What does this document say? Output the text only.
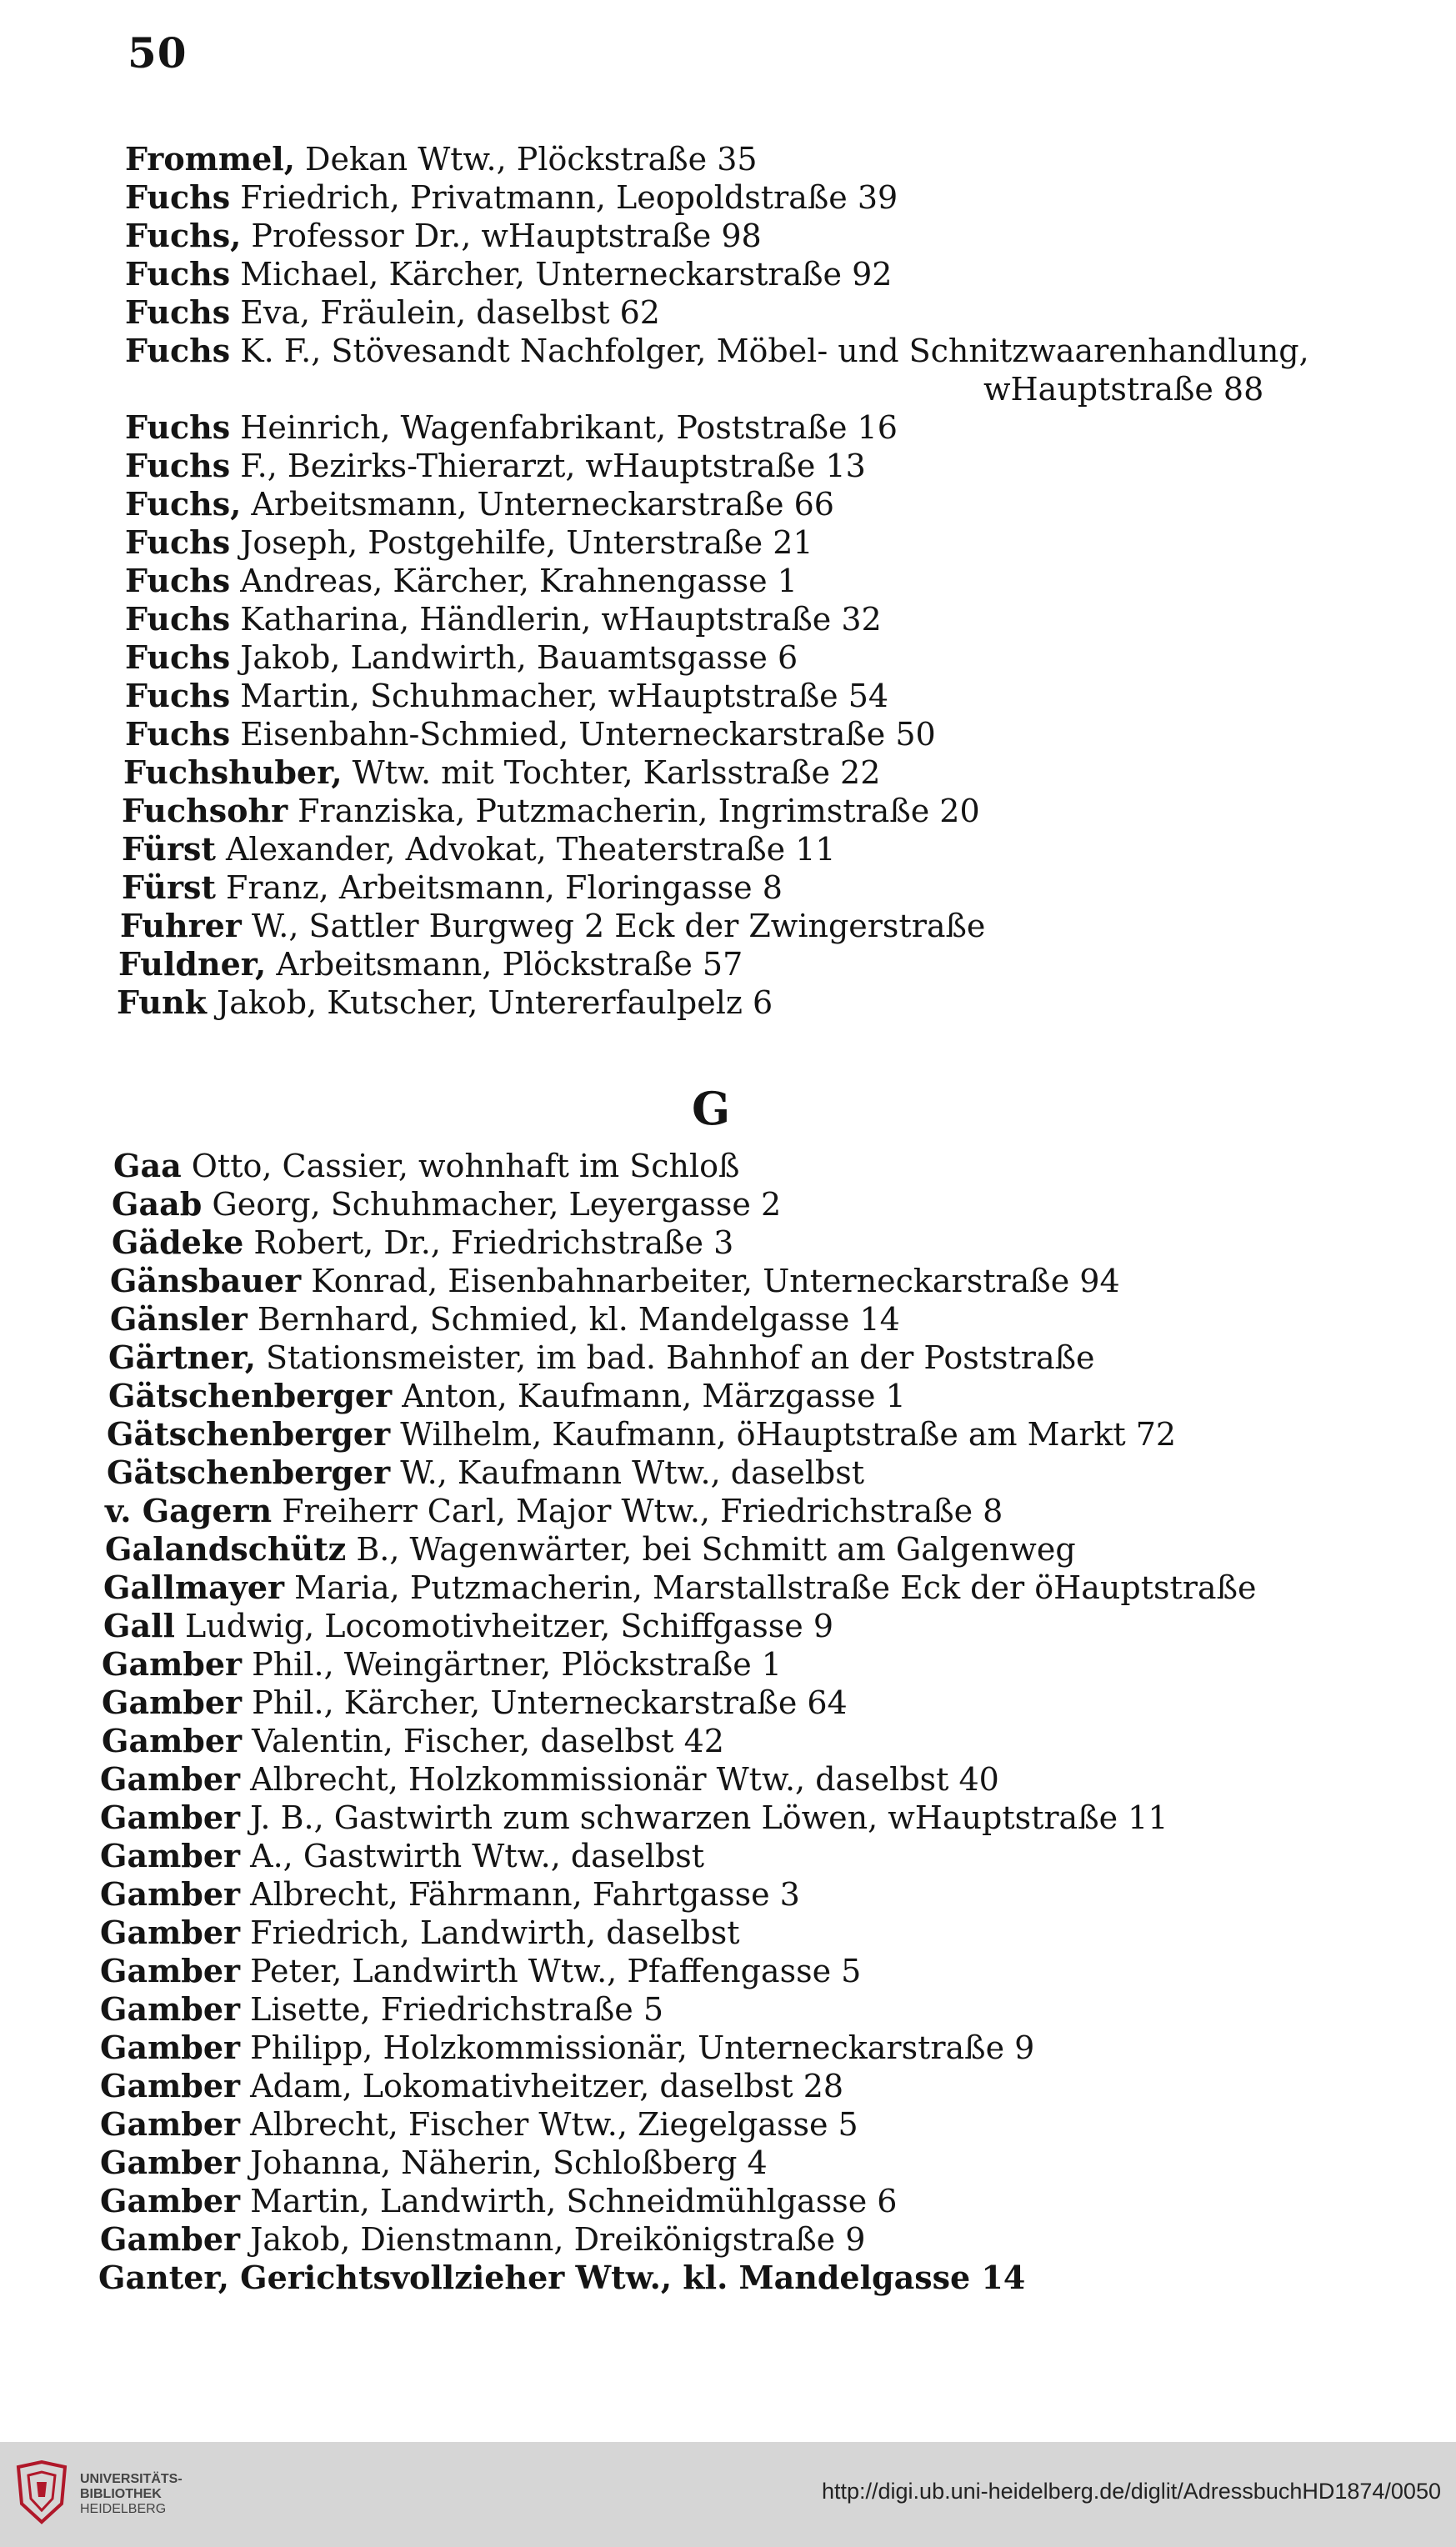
50
Frommel, Dekan Wtw., Plöckstraße 35
Fuchs Friedrich, Privatmann, Leopoldstraße 39
Fuchs, Professor Dr., wHauptstraße 98
Fuchs Michael, Kärcher, Unterneckarstraße 92
Fuchs Eva, Fräulein, daselbst 62
Fuchs K. F., Stövesandt Nachfolger, Möbel- und Schnitzwaarenhandlung,
wHauptstraße 88
Fuchs Heinrich, Wagenfabrikant, Poststraße 16
Fuchs F., Bezirks-Thierarzt, wHauptstraße 13
Fuchs, Arbeitsmann, Unterneckarstraße 66
Fuchs Joseph, Postgehilfe, Unterstraße 21
Fuchs Andreas, Kärcher, Krahnengasse 1
Fuchs Katharina, Händlerin, wHauptstraße 32
Fuchs Jakob, Landwirth, Bauamtsgasse 6
Fuchs Martin, Schuhmacher, wHauptstraße 54
Fuchs Eisenbahn-Schmied, Unterneckarstraße 50
Fuchshuber, Wtw. mit Tochter, Karlsstraße 22
Fuchsohr Franziska, Putzmacherin, Ingrimstraße 20
Fürst Alexander, Advokat, Theaterstraße 11
Fürst Franz, Arbeitsmann, Floringasse 8
Fuhrer W., Sattler Burgweg 2 Eck der Zwingerstraße
Fuldner, Arbeitsmann, Plöckstraße 57
Funk Jakob, Kutscher, Untererfaulpelz 6
G
Gaa Otto, Cassier, wohnhaft im Schloß
Gaab Georg, Schuhmacher, Leyergasse 2
Gädeke Robert, Dr., Friedrichstraße 3
Gänsbauer Konrad, Eisenbahnarbeiter, Unterneckarstraße 94
Gänsler Bernhard, Schmied, kl. Mandelgasse 14
Gärtner, Stationsmeister, im bad. Bahnhof an der Poststraße
Gätschenberger Anton, Kaufmann, Märzgasse 1
Gätschenberger Wilhelm, Kaufmann, öHauptstraße am Markt 72
Gätschenberger W., Kaufmann Wtw., daselbst
v. Gagern Freiherr Carl, Major Wtw., Friedrichstraße 8
Galandschütz B., Wagenwärter, bei Schmitt am Galgenweg
Gallmayer Maria, Putzmacherin, Marstallstraße Eck der öHauptstraße
Gall Ludwig, Locomotivheitzer, Schiffgasse 9
Gamber Phil., Weingärtner, Plöckstraße 1
Gamber Phil., Kärcher, Unterneckarstraße 64
Gamber Valentin, Fischer, daselbst 42
Gamber Albrecht, Holzkommissionär Wtw., daselbst 40
Gamber J. B., Gastwirth zum schwarzen Löwen, wHauptstraße 11
Gamber A., Gastwirth Wtw., daselbst
Gamber Albrecht, Fährmann, Fahrtgasse 3
Gamber Friedrich, Landwirth, daselbst
Gamber Peter, Landwirth Wtw., Pfaffengasse 5
Gamber Lisette, Friedrichstraße 5
Gamber Philipp, Holzkommissionär, Unterneckarstraße 9
Gamber Adam, Lokomativheitzer, daselbst 28
Gamber Albrecht, Fischer Wtw., Ziegelgasse 5
Gamber Johanna, Näherin, Schloßberg 4
Gamber Martin, Landwirth, Schneidmühlgasse 6
Gamber Jakob, Dienstmann, Dreikönigstraße 9
Ganter, Gerichtsvollzieher Wtw., kl. Mandelgasse 14
UNIVERSITÄTS-
BIBLIOTHEK
HEIDELBERG
http://digi.ub.uni-heidelberg.de/diglit/AdressbuchHD1874/0050
